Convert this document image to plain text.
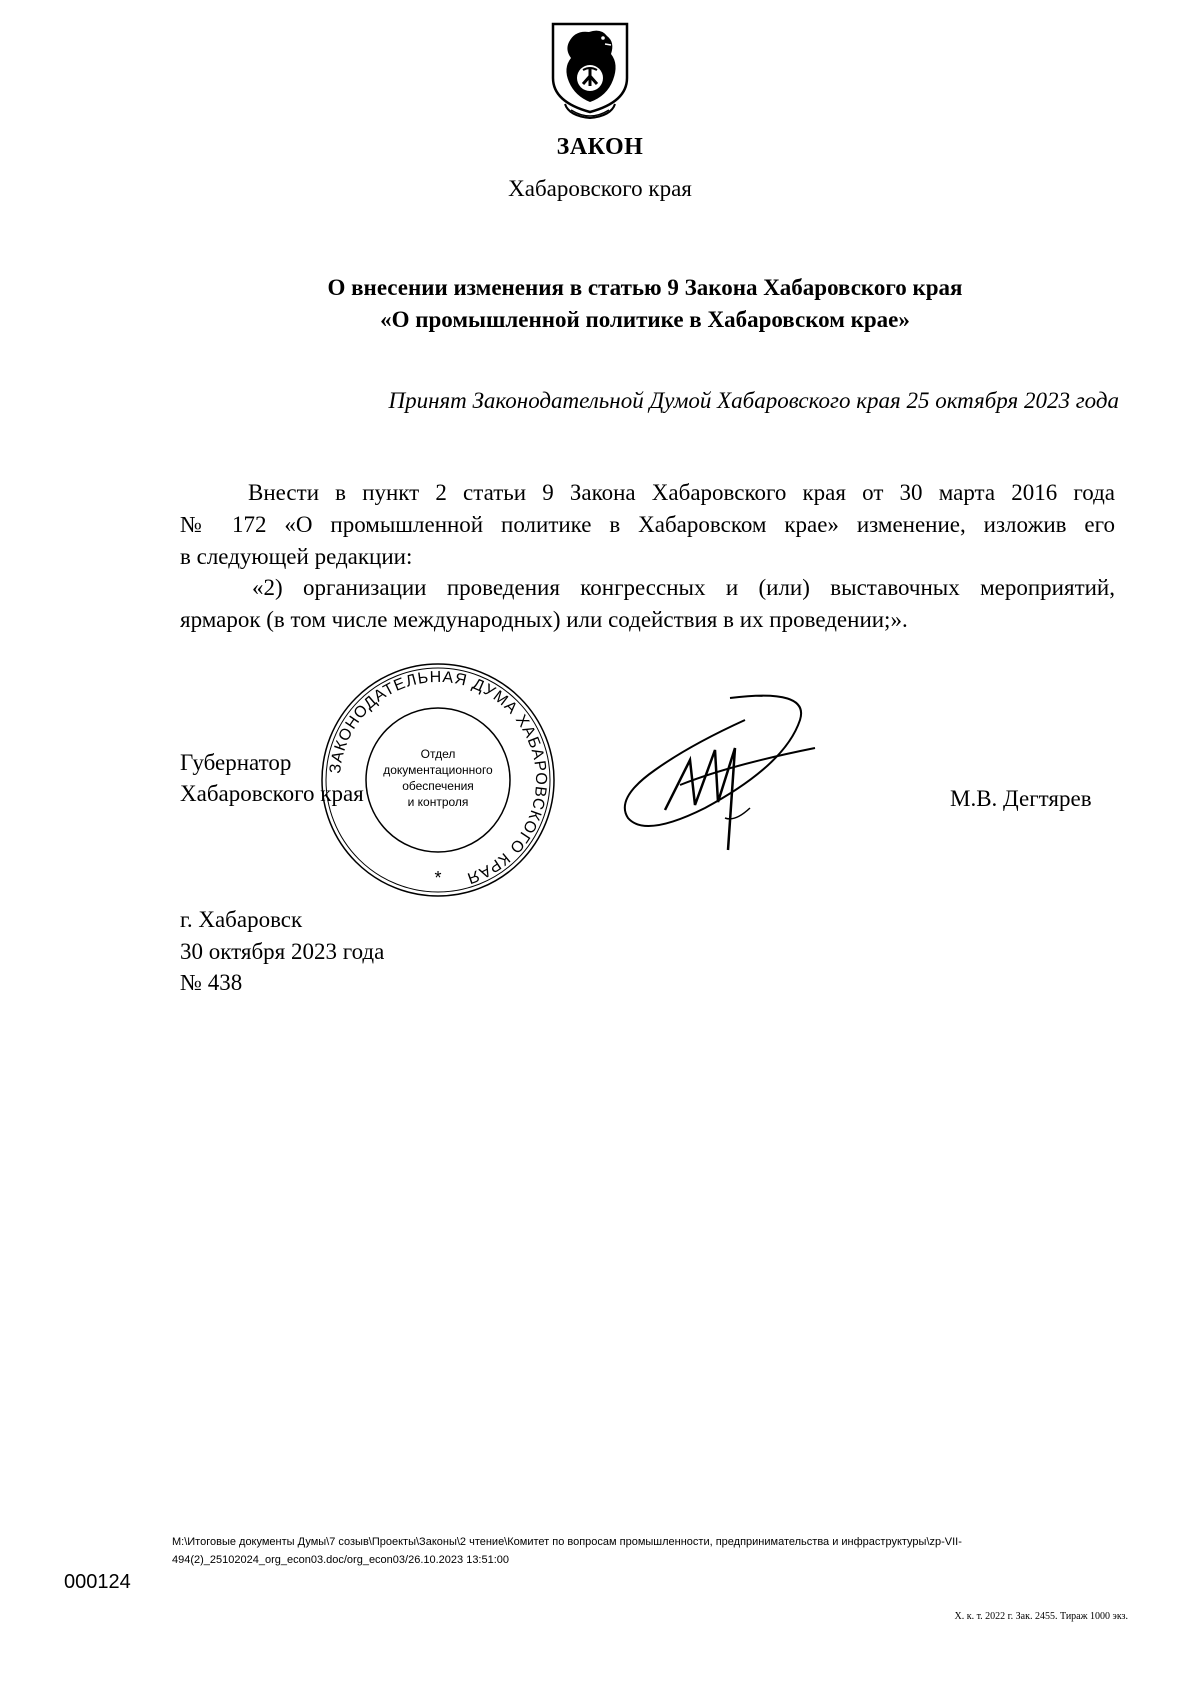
ЗАКОН
Хабаровского края
О внесении изменения в статью 9 Закона Хабаровского края
«О промышленной политике в Хабаровском крае»
Принят Законодательной Думой Хабаровского края 25 октября 2023 года
Внести в пункт 2 статьи 9 Закона Хабаровского края от 30 марта 2016 года
№ 172 «О промышленной политике в Хабаровском крае» изменение, изложив его
в следующей редакции:
«2) организации проведения конгрессных и (или) выставочных мероприятий,
ярмарок (в том числе международных) или содействия в их проведении;».
ЗАКОНОДАТЕЛЬНАЯ ДУМА ХАБАРОВСКОГО КРАЯ
Отдел
документационного
обеспечения
и контроля
*
Губернатор
Хабаровского края	М.В. Дегтярев
г. Хабаровск
30 октября 2023 года
№ 438
M:\Итоговые документы Думы\7 созыв\Проекты\Законы\2 чтение\Комитет по вопросам промышленности, предпринимательства и инфраструктуры\zp-VII-
494(2)_25102024_org_econ03.doc/org_econ03/26.10.2023 13:51:00
000124
Х. к. т. 2022 г. Зак. 2455. Тираж 1000 экз.
